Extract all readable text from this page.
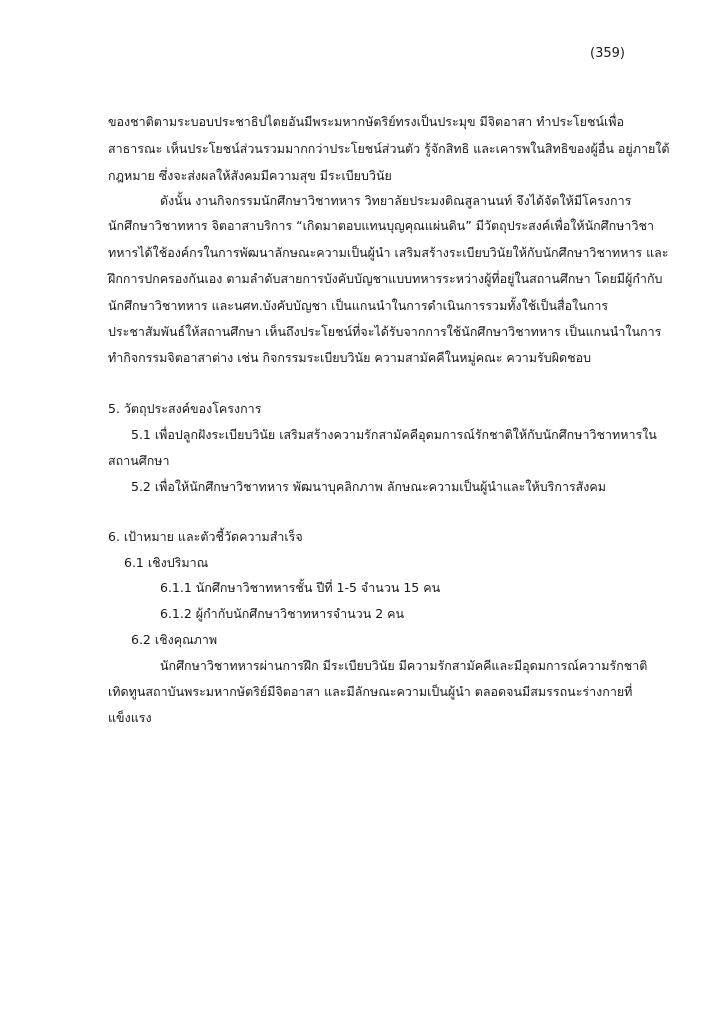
(359)
ของชาติตามระบอบประชาธิปไตยอันมีพระมหากษัตริย์ทรงเป็นประมุข มีจิตอาสา ทำประโยชน์เพื่อ
สาธารณะ เห็นประโยชน์ส่วนรวมมากกว่าประโยชน์ส่วนตัว รู้จักสิทธิ และเคารพในสิทธิของผู้อื่น อยู่ภายใต้
กฎหมาย ซึ่งจะส่งผลให้สังคมมีความสุข มีระเบียบวินัย
ดังนั้น งานกิจกรรมนักศึกษาวิชาทหาร วิทยาลัยประมงติณสูลานนท์ จึงได้จัดให้มีโครงการ
นักศึกษาวิชาทหาร จิตอาสาบริการ “เกิดมาตอบแทนบุญคุณแผ่นดิน” มีวัตถุประสงค์เพื่อให้นักศึกษาวิชา
ทหารได้ใช้องค์กรในการพัฒนาลักษณะความเป็นผู้นำ เสริมสร้างระเบียบวินัยให้กับนักศึกษาวิชาทหาร และ
ฝึกการปกครองกันเอง ตามลำดับสายการบังคับบัญชาแบบทหารระหว่างผู้ที่อยู่ในสถานศึกษา โดยมีผู้กำกับ
นักศึกษาวิชาทหาร และนศท.บังคับบัญชา เป็นแกนนำในการดำเนินการรวมทั้งใช้เป็นสื่อในการ
ประชาสัมพันธ์ให้สถานศึกษา เห็นถึงประโยชน์ที่จะได้รับจากการใช้นักศึกษาวิชาทหาร เป็นแกนนำในการ
ทำกิจกรรมจิตอาสาต่าง เช่น กิจกรรมระเบียบวินัย ความสามัคคีในหมู่คณะ ความรับผิดชอบ
5. วัตถุประสงค์ของโครงการ
5.1 เพื่อปลูกฝังระเบียบวินัย เสริมสร้างความรักสามัคคีอุดมการณ์รักชาติให้กับนักศึกษาวิชาทหารใน
สถานศึกษา
5.2 เพื่อให้นักศึกษาวิชาทหาร พัฒนาบุคลิกภาพ ลักษณะความเป็นผู้นำและให้บริการสังคม
6. เป้าหมาย และตัวชี้วัดความสำเร็จ
6.1 เชิงปริมาณ
6.1.1 นักศึกษาวิชาทหารชั้น ปีที่ 1-5 จำนวน 15 คน
6.1.2 ผู้กำกับนักศึกษาวิชาทหารจำนวน 2 คน
6.2 เชิงคุณภาพ
นักศึกษาวิชาทหารผ่านการฝึก มีระเบียบวินัย มีความรักสามัคคีและมีอุดมการณ์ความรักชาติ
เทิดทูนสถาบันพระมหากษัตริย์มีจิตอาสา และมีลักษณะความเป็นผู้นำ ตลอดจนมีสมรรถนะร่างกายที่
แข็งแรง
